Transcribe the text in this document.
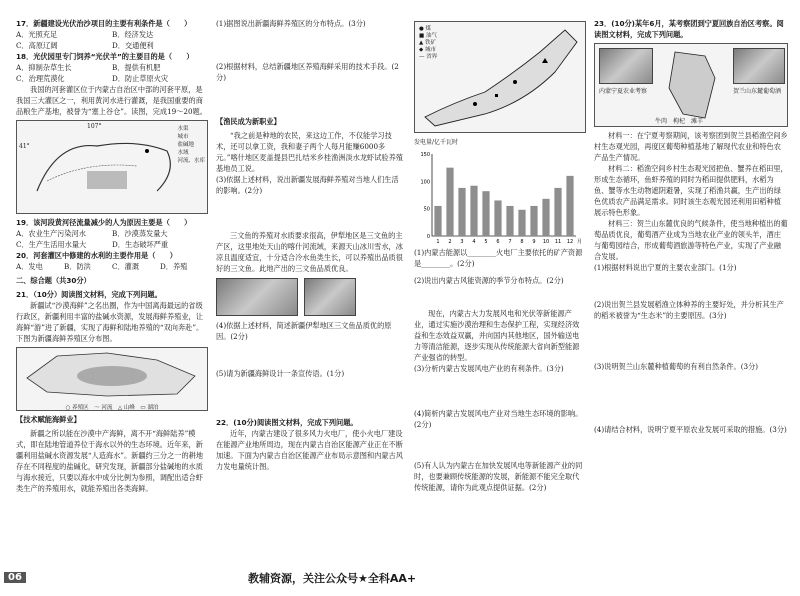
17．新疆建设光伏治沙项目的主要有利条件是（　　）

A．光照充足	B．经济发达
C．高原辽阔	D．交通便利

18．光伏园里专门饲养“光伏羊”的主要目的是（　　）

A．抑制杂草生长	B．提供有机肥
C．治理荒漠化	D．防止草原火灾

我国的河套灌区位于内蒙古自治区中部的河套平原，是我国三大灌区之一，利用黄河水进行灌溉，是我国重要的商品粮生产基地，被誉为“塞上谷仓”。读图，完成19～20题。

41°
107°	水渠
城市
盐碱地
水域
河流、水库

19．该河段黄河径流量减少的人为原因主要是（　　）

A．农业生产污染河水	B．沙漠蒸发量大
C．生产生活用水量大	D．生态破坏严重

20．河套灌区中修建的水利的主要作用是（　　）

A．发电	B．防洪	C．灌溉	D．养殖

二、综合题（共30分）

21．（10分）阅读图文材料，完成下列问题。

新疆试“沙漠海鲜”之名出圈，作为中国离海最远的省级行政区，新疆利用丰富的盐碱水资源，发展海鲜养殖业，让海鲜“游”进了新疆，实现了海鲜和陆地养殖的“双向奔赴”。下图为新疆海鲜养殖区分布图。

○ 养殖区　～ 河流　△ 山峰　▭ 湖泊

【技术赋能海鲜业】

新疆之所以能在沙漠中产海鲜，离不开“海鲜陆养”模式，即在陆地管道养位于海水以外的生态环境。近年来，新疆利用盐碱水资源发展“人造海水”。新疆约三分之一的耕地存在不同程度的盐碱化，研究发现，新疆部分盐碱地的水质与海水接近，只要以海水中成分比例为参照，调配出适合虾类生产的养殖用水，就能养殖出各类海鲜。

(1)据图说出新疆海鲜养殖区的分布特点。(3分)

(2)根据材料，总结新疆地区养殖海鲜采用的技术手段。(2分)

【渔民成为新职业】

“我之前是种地的农民，来这边工作，不仅能学习技术，还可以拿工资，我和妻子两个人每月能赚6000多元。”喀什地区麦盖提县巴扎结米乡桂渔洲淡水龙虾试验养殖基地员工说。

(3)依据上述材料，说出新疆发展海鲜养殖对当地人们生活的影响。(2分)

三文鱼的养殖对水质要求很高，伊犁地区是三文鱼的主产区，这里地处天山的喀什河流域，来源天山冰川雪水，冰凉且温度适宜，十分适合冷水鱼类生长，可以养殖出品质很好的三文鱼。此地产出的三文鱼品质优良。

(4)依据上述材料，简述新疆伊犁地区三文鱼品质优的原因。(2分)

(5)请为新疆海鲜设计一条宣传语。(1分)

22．(10分)阅读图文材料，完成下列问题。

近年，内蒙古建设了很多风力火电厂，使小火电厂建设在能源产业地所周边，现在内蒙古自治区能源产业正在不断加速。下面为内蒙古自治区能源产业布局示意图和内蒙古风力发电量统计图。

● 煤
■ 油气
▲ 铁矿
◆ 城市
— 省界
发电量/亿千瓦时
0
50
100
150
1 2 3 4 5 6 7 8 9 10 11 12 月

(1)内蒙古能源以________火电厂主要依托的矿产资源是________。(2分)

(2)说出内蒙古风能资源的季节分布特点。(2分)

现在，内蒙古大力发展风电和光伏等新能源产业，通过实施沙漠治理和生态保护工程，实现经济效益和生态效益双赢，并向国内其他地区，国外输送电力等清洁能源，逐步实现从传统能源大省向新型能源产业强省的转型。

(3)分析内蒙古发展风电产业的有利条件。(3分)

(4)简析内蒙古发展风电产业对当地生态环境的影响。(2分)

(5)有人认为内蒙古在加快发展风电等新能源产业的同时，也要兼顾传统能源的发展，新能源不能完全取代传统能源，请你为此观点提供证据。(2分)

23．(10分)某年6月，某考察团到宁夏回族自治区考察。阅读图文材料，完成下列问题。

内蒙宁夏农业考察	贺兰山东麓葡萄酒
牛肉　枸杞　滩羊

材料一：在宁夏考察期间，该考察团到贺兰县稻渔空间乡村生态观光园，再度区葡萄种植基地了解现代农业和特色农产品生产情况。

材料二：稻渔空间乡村生态观光园把鱼、蟹养在稻田里，形成生态循环，鱼虾养殖的同时为稻田提供肥料，水稻为鱼、蟹等水生动物遮阴避暑，实现了稻渔共赢，生产出的绿色优质农产品满足需求。同时该生态观光园还利用田稻种植展示特色形象。

材料三：贺兰山东麓优良的气候条件，使当地种植出的葡萄品质优良，葡萄酒产业成为当地农业产业的领头羊，酒庄与葡萄园结合，形成葡萄酒旅游等特色产业，实现了产业融合发展。

(1)根据材料说出宁夏的主要农业部门。(1分)

(2)说出贺兰县发展稻渔立体种养的主要好处，并分析其生产的稻米被誉为“生态米”的主要原因。(3分)

(3)说明贺兰山东麓种植葡萄的有利自然条件。(3分)

(4)请结合材料，说明宁夏平原农业发展可采取的措施。(3分)

06	教辅资源，关注公众号★全科AA+
